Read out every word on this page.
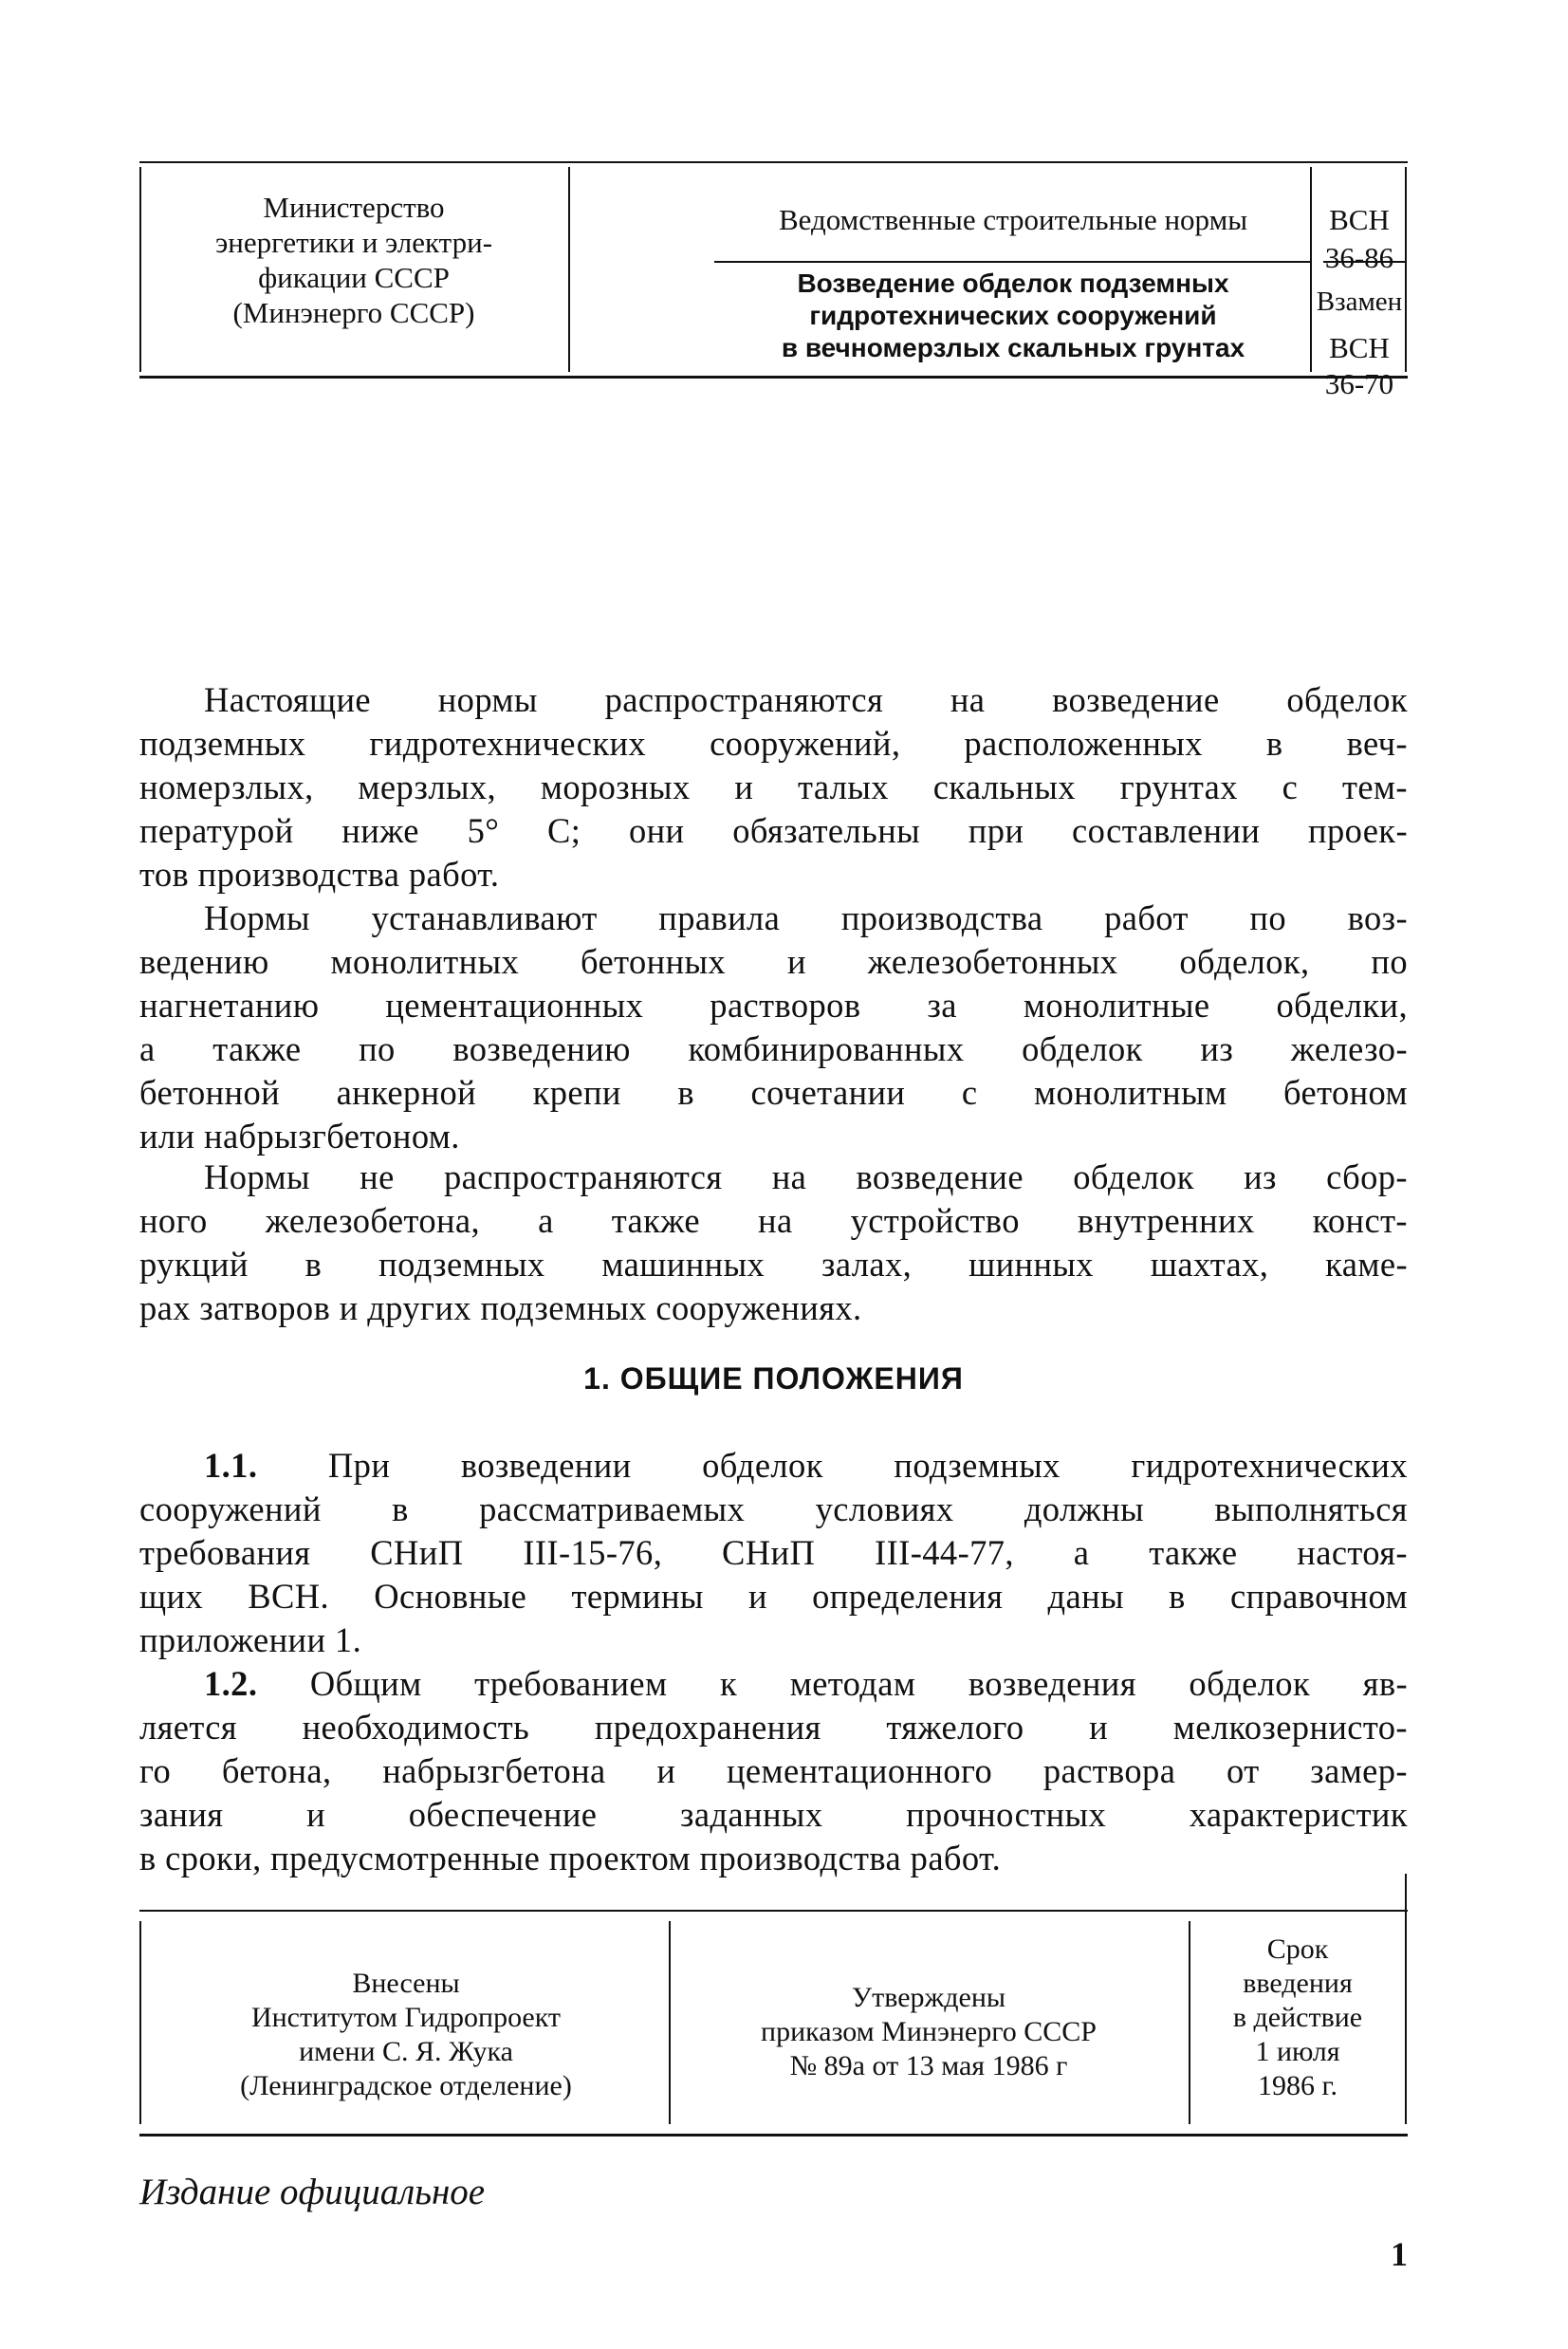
Министерство
энергетики и электри-
фикации СССР
(Минэнерго СССР)
Ведомственные строительные нормы
Возведение обделок подземных
гидротехнических сооружений
в вечномерзлых скальных грунтах
ВСН 36-86
Взамен
ВСН 36-70
Настоящие нормы распространяются на возведение обделок
подземных гидротехнических сооружений, расположенных в веч-
номерзлых, мерзлых, морозных и талых скальных грунтах с тем-
пературой ниже 5° С; они обязательны при составлении проек-
тов производства работ.
Нормы устанавливают правила производства работ по воз-
ведению монолитных бетонных и железобетонных обделок, по
нагнетанию цементационных растворов за монолитные обделки,
а также по возведению комбинированных обделок из железо-
бетонной анкерной крепи в сочетании с монолитным бетоном
или набрызгбетоном.
Нормы не распространяются на возведение обделок из сбор-
ного железобетона, а также на устройство внутренних конст-
рукций в подземных машинных залах, шинных шахтах, каме-
рах затворов и других подземных сооружениях.
1. ОБЩИЕ ПОЛОЖЕНИЯ
1.1. При возведении обделок подземных гидротехнических
сооружений в рассматриваемых условиях должны выполняться
требования СНиП III-15-76, СНиП III-44-77, а также настоя-
щих ВСН. Основные термины и определения даны в справочном
приложении 1.
1.2. Общим требованием к методам возведения обделок яв-
ляется необходимость предохранения тяжелого и мелкозернисто-
го бетона, набрызгбетона и цементационного раствора от замер-
зания и обеспечение заданных прочностных характеристик
в сроки, предусмотренные проектом производства работ.
Внесены
Институтом Гидропроект
имени С. Я. Жука
(Ленинградское отделение)
Утверждены
приказом Минэнерго СССР
№ 89а от 13 мая 1986 г
Срок
введения
в действие
1 июля
1986 г.
Издание официальное
1
